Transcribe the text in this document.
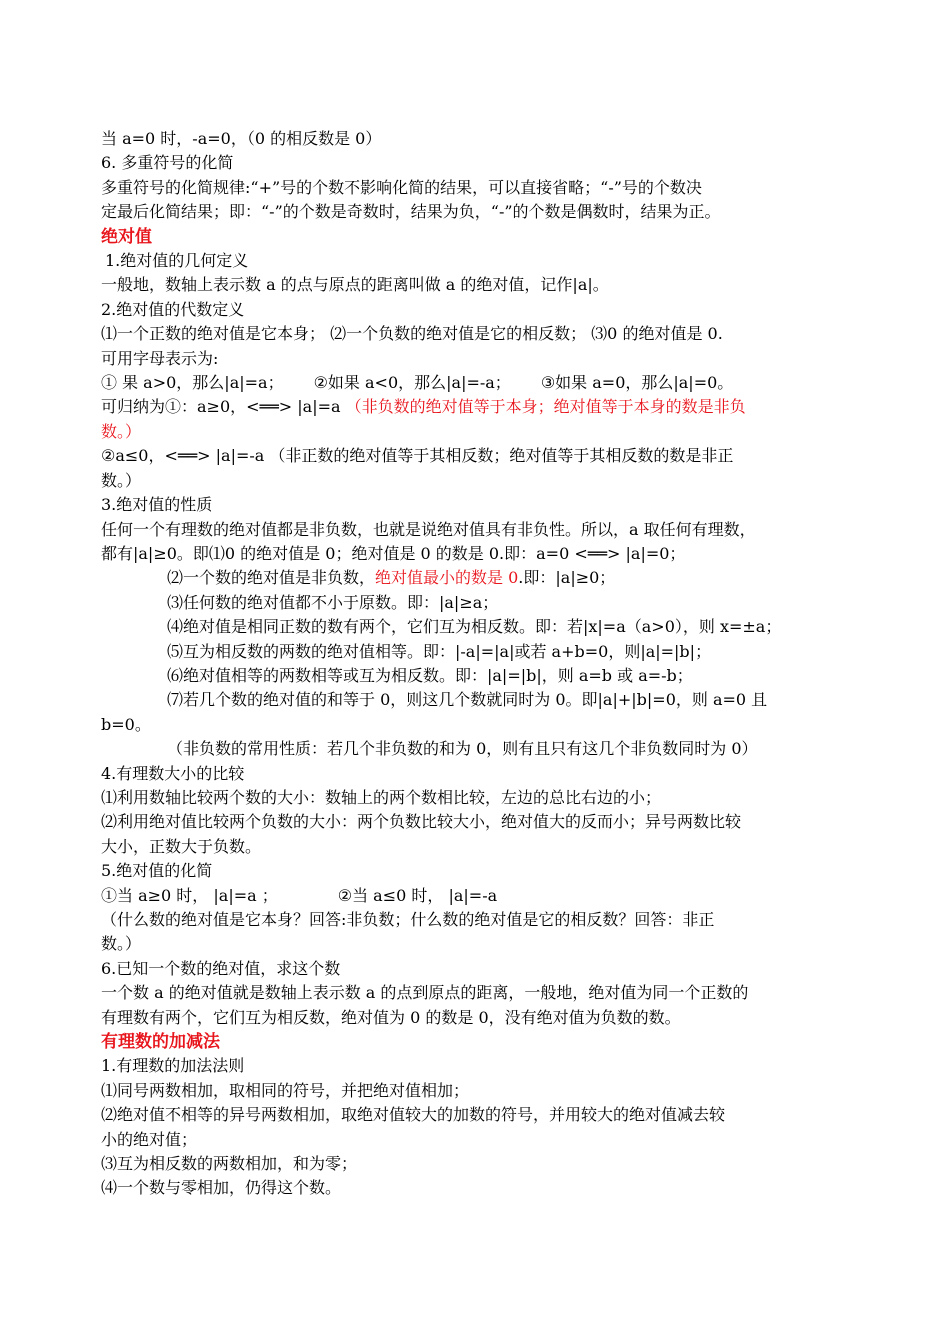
当 a=0 时，-a=0，（0 的相反数是 0）
6. 多重符号的化简
多重符号的化简规律:“+”号的个数不影响化简的结果，可以直接省略；“-”号的个数决
定最后化简结果；即：“-”的个数是奇数时，结果为负，“-”的个数是偶数时，结果为正。
绝对值
1.绝对值的几何定义
一般地，数轴上表示数 a 的点与原点的距离叫做 a 的绝对值，记作|a|。
2.绝对值的代数定义
⑴一个正数的绝对值是它本身； ⑵一个负数的绝对值是它的相反数； ⑶0 的绝对值是 0.
可用字母表示为:
① 果 a>0，那么|a|=a； ②如果 a<0，那么|a|=-a； ③如果 a=0，那么|a|=0。
可归纳为①：a≥0，<══> |a|=a （非负数的绝对值等于本身；绝对值等于本身的数是非负
数。）
②a≤0，<══> |a|=-a （非正数的绝对值等于其相反数；绝对值等于其相反数的数是非正
数。）
3.绝对值的性质
任何一个有理数的绝对值都是非负数，也就是说绝对值具有非负性。所以，a 取任何有理数，
都有|a|≥0。即⑴0 的绝对值是 0；绝对值是 0 的数是 0.即：a=0 <══> |a|=0；
⑵一个数的绝对值是非负数，绝对值最小的数是 0.即：|a|≥0；
⑶任何数的绝对值都不小于原数。即：|a|≥a；
⑷绝对值是相同正数的数有两个，它们互为相反数。即：若|x|=a（a>0），则 x=±a；
⑸互为相反数的两数的绝对值相等。即：|-a|=|a|或若 a+b=0，则|a|=|b|；
⑹绝对值相等的两数相等或互为相反数。即：|a|=|b|，则 a=b 或 a=-b；
⑺若几个数的绝对值的和等于 0，则这几个数就同时为 0。即|a|+|b|=0，则 a=0 且
b=0。
（非负数的常用性质：若几个非负数的和为 0，则有且只有这几个非负数同时为 0）
4.有理数大小的比较
⑴利用数轴比较两个数的大小：数轴上的两个数相比较，左边的总比右边的小；
⑵利用绝对值比较两个负数的大小：两个负数比较大小，绝对值大的反而小；异号两数比较
大小，正数大于负数。
5.绝对值的化简
①当 a≥0 时， |a|=a ；	②当 a≤0 时， |a|=-a
（什么数的绝对值是它本身？回答:非负数；什么数的绝对值是它的相反数？回答：非正
数。）
6.已知一个数的绝对值，求这个数
一个数 a 的绝对值就是数轴上表示数 a 的点到原点的距离，一般地，绝对值为同一个正数的
有理数有两个，它们互为相反数，绝对值为 0 的数是 0，没有绝对值为负数的数。
有理数的加减法
1.有理数的加法法则
⑴同号两数相加，取相同的符号，并把绝对值相加；
⑵绝对值不相等的异号两数相加，取绝对值较大的加数的符号，并用较大的绝对值减去较
小的绝对值；
⑶互为相反数的两数相加，和为零；
⑷一个数与零相加，仍得这个数。
